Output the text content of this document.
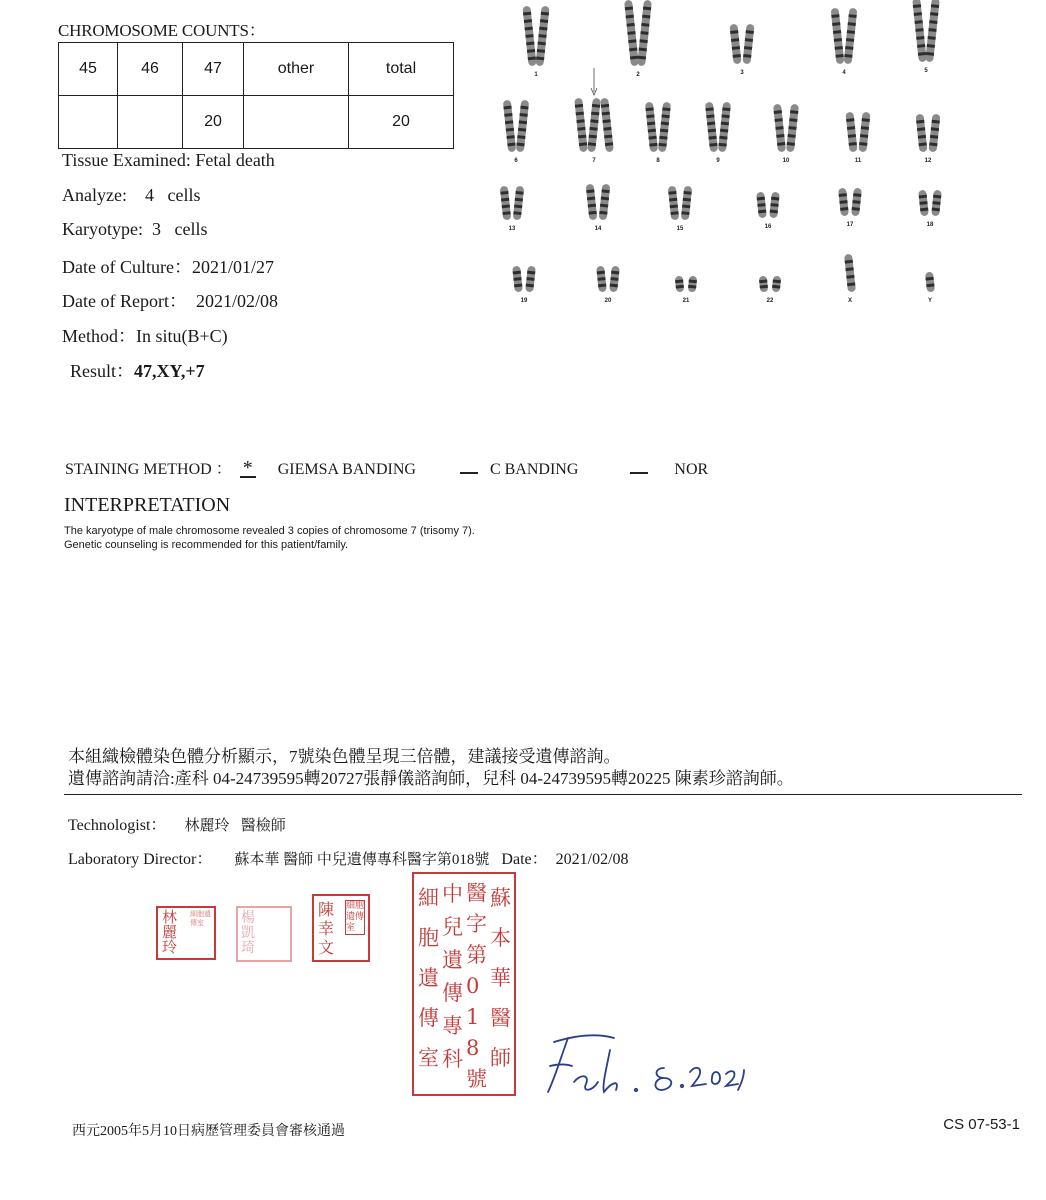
CHROMOSOME COUNTS：
45	46	47	other	total
		20		20
Tissue Examined: Fetal death
Analyze:    4   cells
Karyotype:  3   cells
Date of Culture：2021/01/27
Date of Report：  2021/02/08
Method：In situ(B+C)
Result：47,XY,+7
1	2	3	4	5
6	7	8	9	10	11	12
13	14	15	16	17	18
19	20	21	22	X	Y
STAINING METHOD ： * GIEMSA BANDING	C BANDING	NOR
INTERPRETATION
The karyotype of male chromosome revealed 3 copies of chromosome 7 (trisomy 7).
Genetic counseling is recommended for this patient/family.
本組織檢體染色體分析顯示，7號染色體呈現三倍體，建議接受遺傳諮詢。
遺傳諮詢請洽:產科 04-24739595轉20727張靜儀諮詢師，兒科 04-24739595轉20225 陳素珍諮詢師。
Technologist： 林麗玲   醫檢師
Laboratory Director： 蘇本華 醫師 中兒遺傳專科醫字第018號 Date： 2021/02/08
林麗玲
細胞遺傳室	楊凱琦
陳幸文
細胞遺傳室
細胞遺傳室
中兒遺傳專科
醫字第018號
蘇本華醫師
西元2005年5月10日病歷管理委員會審核通過	CS 07-53-1
